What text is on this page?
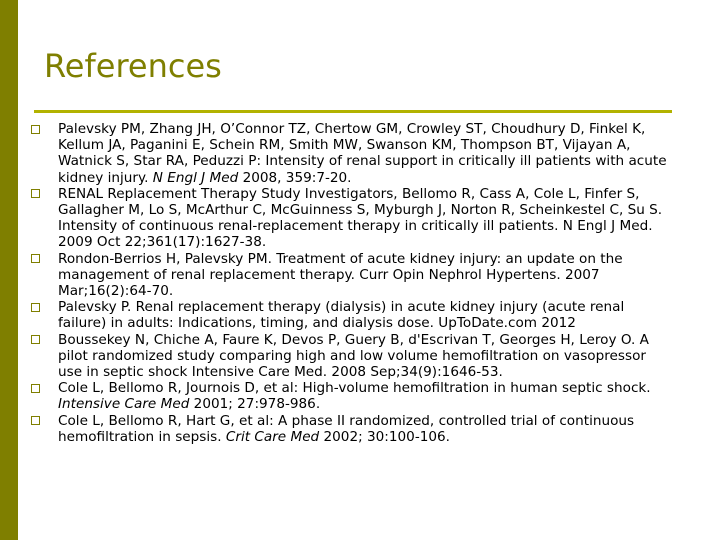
References
Palevsky PM, Zhang JH, O’Connor TZ, Chertow GM, Crowley ST, Choudhury D, Finkel K, Kellum JA, Paganini E, Schein RM, Smith MW, Swanson KM, Thompson BT, Vijayan A, Watnick S, Star RA, Peduzzi P: Intensity of renal support in critically ill patients with acute kidney injury. N Engl J Med 2008, 359:7-20.
RENAL Replacement Therapy Study Investigators, Bellomo R, Cass A, Cole L, Finfer S, Gallagher M, Lo S, McArthur C, McGuinness S, Myburgh J, Norton R, Scheinkestel C, Su S. Intensity of continuous renal-replacement therapy in critically ill patients. N Engl J Med. 2009 Oct 22;361(17):1627-38.
Rondon-Berrios H, Palevsky PM. Treatment of acute kidney injury: an update on the management of renal replacement therapy. Curr Opin Nephrol Hypertens. 2007 Mar;16(2):64-70.
Palevsky P. Renal replacement therapy (dialysis) in acute kidney injury (acute renal failure) in adults: Indications, timing, and dialysis dose. UpToDate.com 2012
Boussekey N, Chiche A, Faure K, Devos P, Guery B, d'Escrivan T, Georges H, Leroy O. A pilot randomized study comparing high and low volume hemofiltration on vasopressor use in septic shock Intensive Care Med. 2008 Sep;34(9):1646-53.
Cole L, Bellomo R, Journois D, et al: High-volume hemofiltration in human septic shock. Intensive Care Med 2001; 27:978-986.
Cole L, Bellomo R, Hart G, et al: A phase II randomized, controlled trial of continuous hemofiltration in sepsis. Crit Care Med 2002; 30:100-106.
